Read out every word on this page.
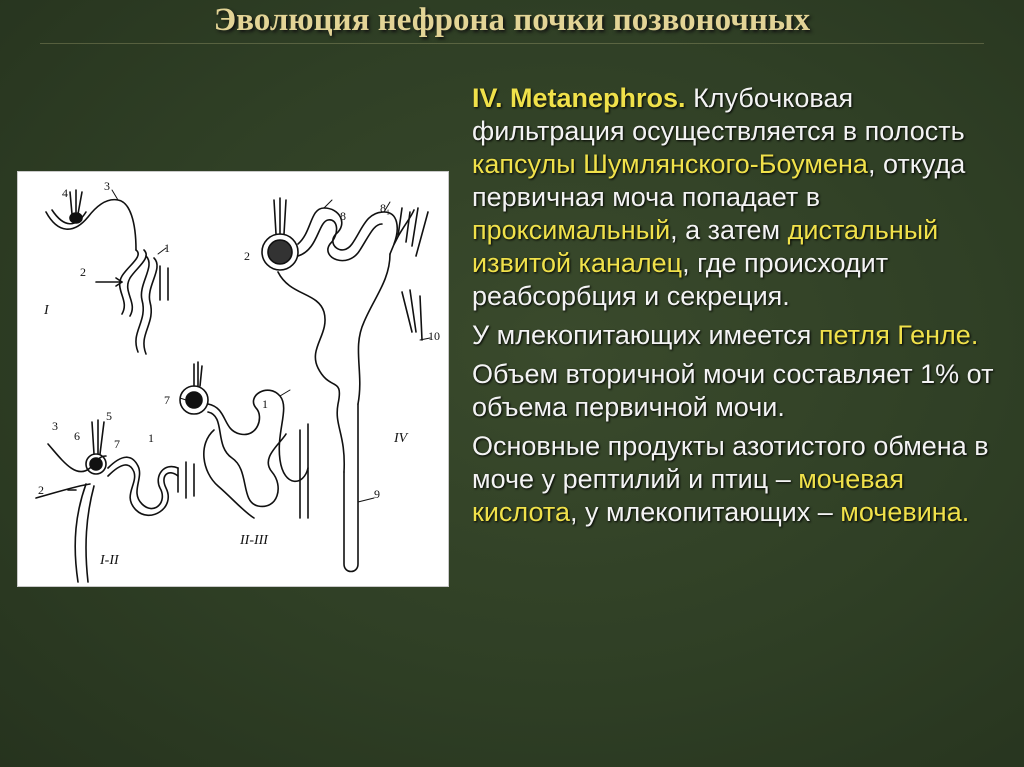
Эволюция нефрона почки позвоночных
4	3
1
2
3
5
6
7 1
2
7	1
2
8
8₁
9
10
I
I-II
II-III
IV

IV. Metanephros. Клубочковая фильтрация осуществляется в полость капсулы Шумлянского-Боумена, откуда первичная моча попадает в проксимальный, а затем дистальный извитой каналец, где происходит реабсорбция и секреция.

У млекопитающих имеется петля Генле.

Объем вторичной мочи составляет 1% от объема первичной мочи.

Основные продукты азотистого обмена в моче у рептилий и птиц – мочевая кислота, у млекопитающих – мочевина.
